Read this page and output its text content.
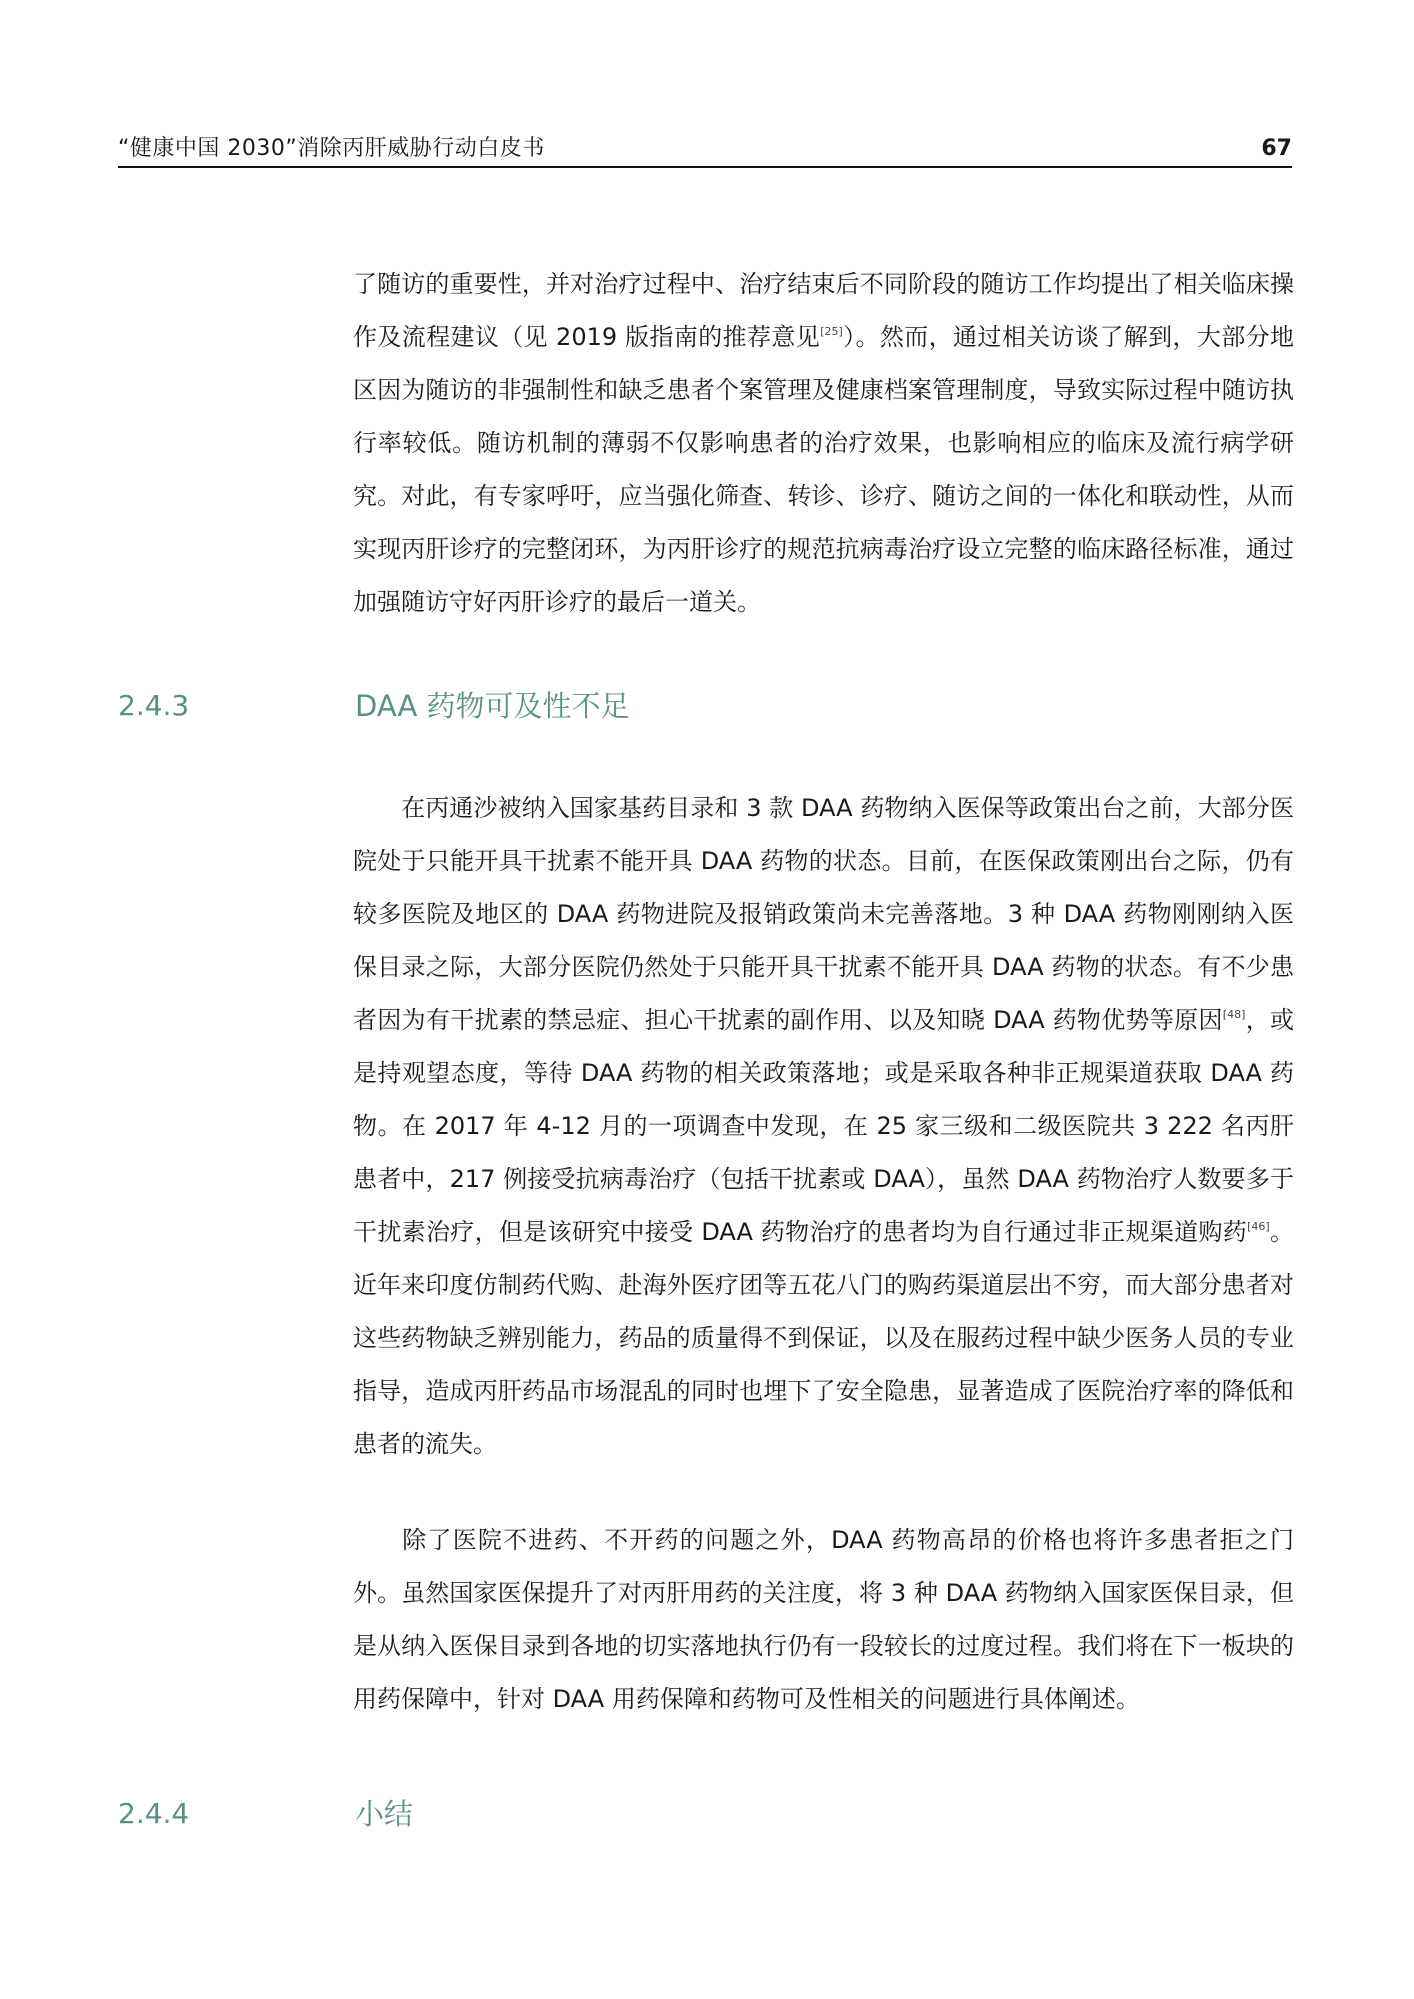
“健康中国 2030”消除丙肝威胁行动白皮书	67

了随访的重要性，并对治疗过程中、治疗结束后不同阶段的随访工作均提出了相关临床操作及流程建议（见 2019 版指南的推荐意见[25]）。然而，通过相关访谈了解到，大部分地区因为随访的非强制性和缺乏患者个案管理及健康档案管理制度，导致实际过程中随访执行率较低。随访机制的薄弱不仅影响患者的治疗效果，也影响相应的临床及流行病学研究。对此，有专家呼吁，应当强化筛查、转诊、诊疗、随访之间的一体化和联动性，从而实现丙肝诊疗的完整闭环，为丙肝诊疗的规范抗病毒治疗设立完整的临床路径标准，通过加强随访守好丙肝诊疗的最后一道关。

2.4.3	DAA 药物可及性不足

在丙通沙被纳入国家基药目录和 3 款 DAA 药物纳入医保等政策出台之前，大部分医院处于只能开具干扰素不能开具 DAA 药物的状态。目前，在医保政策刚出台之际，仍有较多医院及地区的 DAA 药物进院及报销政策尚未完善落地。3 种 DAA 药物刚刚纳入医保目录之际，大部分医院仍然处于只能开具干扰素不能开具 DAA 药物的状态。有不少患者因为有干扰素的禁忌症、担心干扰素的副作用、以及知晓 DAA 药物优势等原因[48]，或是持观望态度，等待 DAA 药物的相关政策落地；或是采取各种非正规渠道获取 DAA 药物。在 2017 年 4-12 月的一项调查中发现，在 25 家三级和二级医院共 3 222 名丙肝患者中，217 例接受抗病毒治疗（包括干扰素或 DAA），虽然 DAA 药物治疗人数要多于干扰素治疗，但是该研究中接受 DAA 药物治疗的患者均为自行通过非正规渠道购药[46]。近年来印度仿制药代购、赴海外医疗团等五花八门的购药渠道层出不穷，而大部分患者对这些药物缺乏辨别能力，药品的质量得不到保证，以及在服药过程中缺少医务人员的专业指导，造成丙肝药品市场混乱的同时也埋下了安全隐患，显著造成了医院治疗率的降低和患者的流失。

除了医院不进药、不开药的问题之外，DAA 药物高昂的价格也将许多患者拒之门外。虽然国家医保提升了对丙肝用药的关注度，将 3 种 DAA 药物纳入国家医保目录，但是从纳入医保目录到各地的切实落地执行仍有一段较长的过度过程。我们将在下一板块的用药保障中，针对 DAA 用药保障和药物可及性相关的问题进行具体阐述。

2.4.4	小结
